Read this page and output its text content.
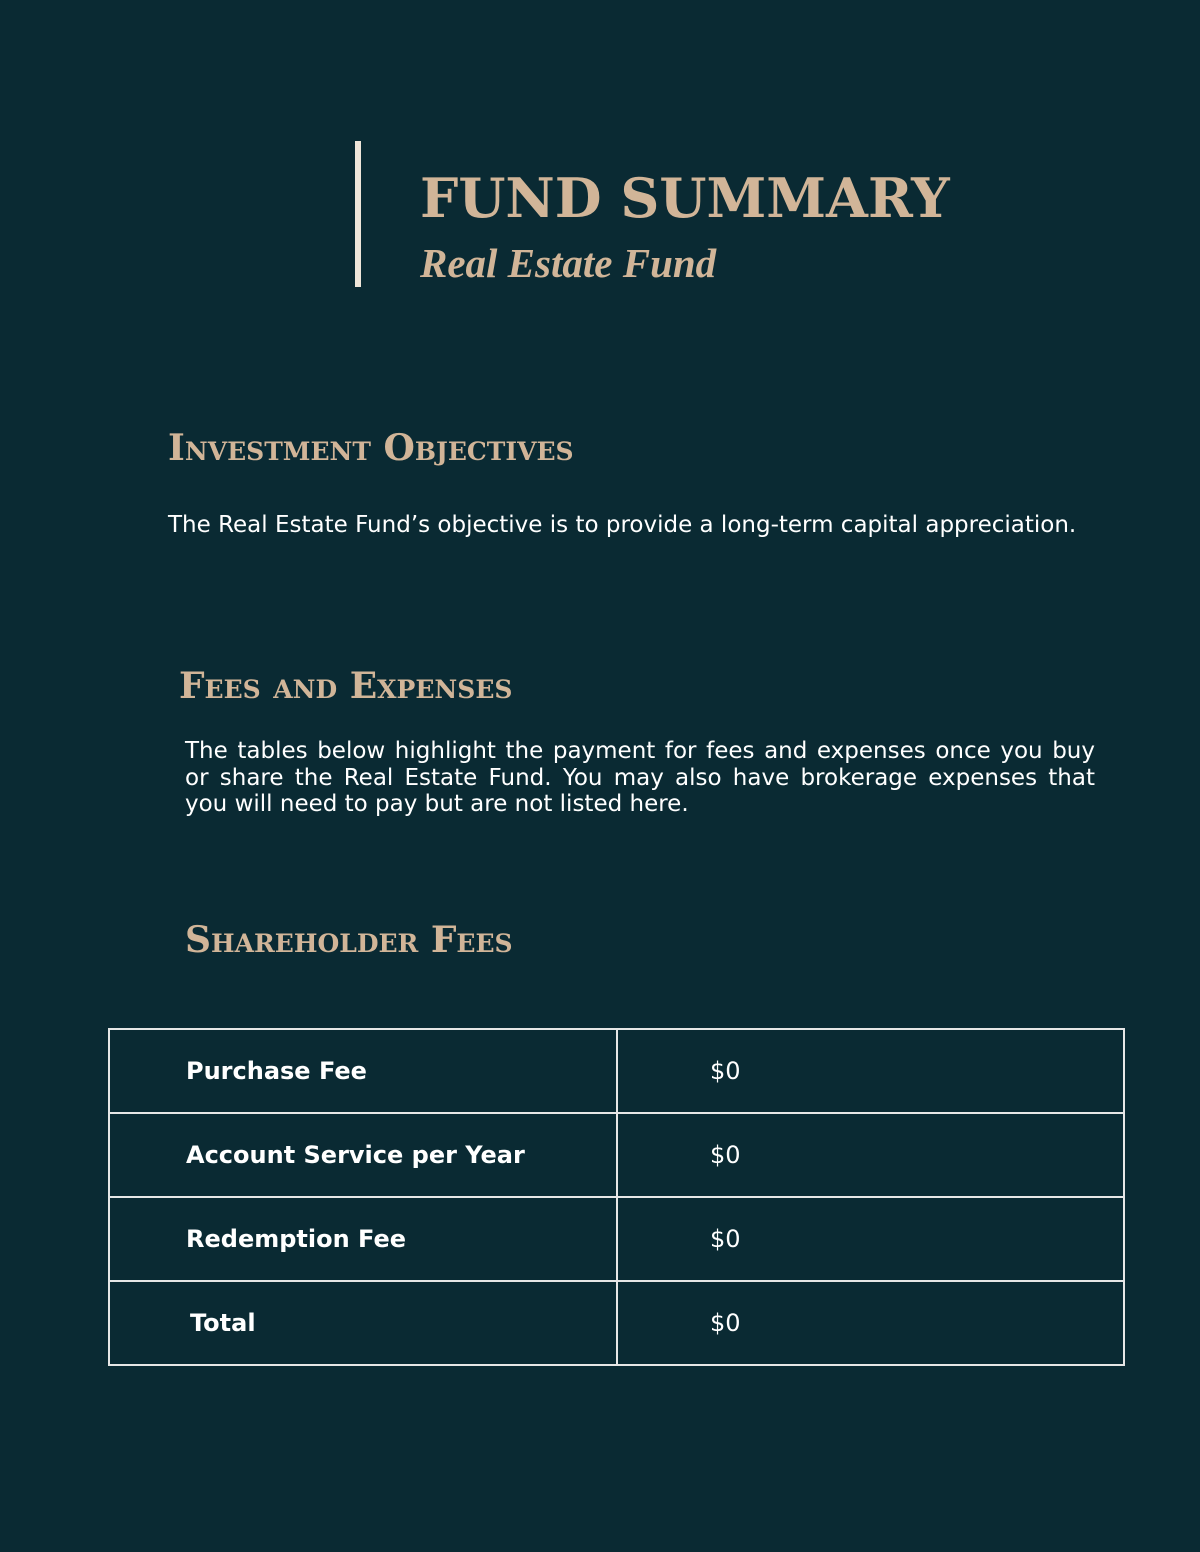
FUND SUMMARY
Real Estate Fund
Investment Objectives

The Real Estate Fund’s objective is to provide a long-term capital appreciation.

Fees and Expenses

The tables below highlight the payment for fees and expenses once you buy or share the Real Estate Fund. You may also have brokerage expenses that you will need to pay but are not listed here.

Shareholder Fees
Purchase Fee	$0
Account Service per Year	$0
Redemption Fee	$0
Total	$0
